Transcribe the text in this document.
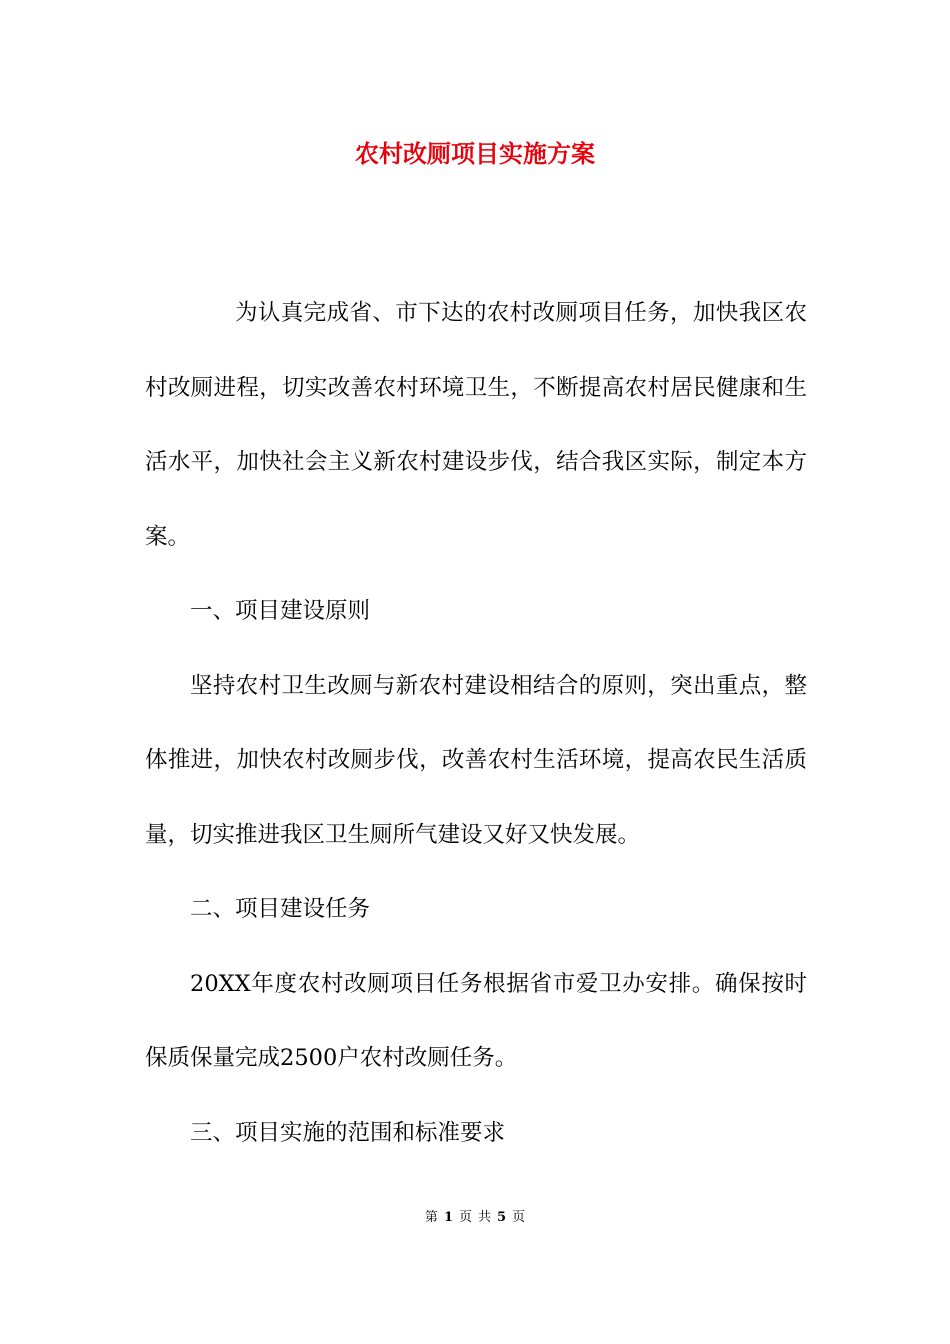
农村改厕项目实施方案

为认真完成省、市下达的农村改厕项目任务，加快我区农村改厕进程，切实改善农村环境卫生，不断提高农村居民健康和生活水平，加快社会主义新农村建设步伐，结合我区实际，制定本方案。

一、项目建设原则

坚持农村卫生改厕与新农村建设相结合的原则，突出重点，整体推进，加快农村改厕步伐，改善农村生活环境，提高农民生活质量，切实推进我区卫生厕所气建设又好又快发展。

二、项目建设任务

20XX年度农村改厕项目任务根据省市爱卫办安排。确保按时保质保量完成2500户农村改厕任务。

三、项目实施的范围和标准要求

第 1 页 共 5 页
